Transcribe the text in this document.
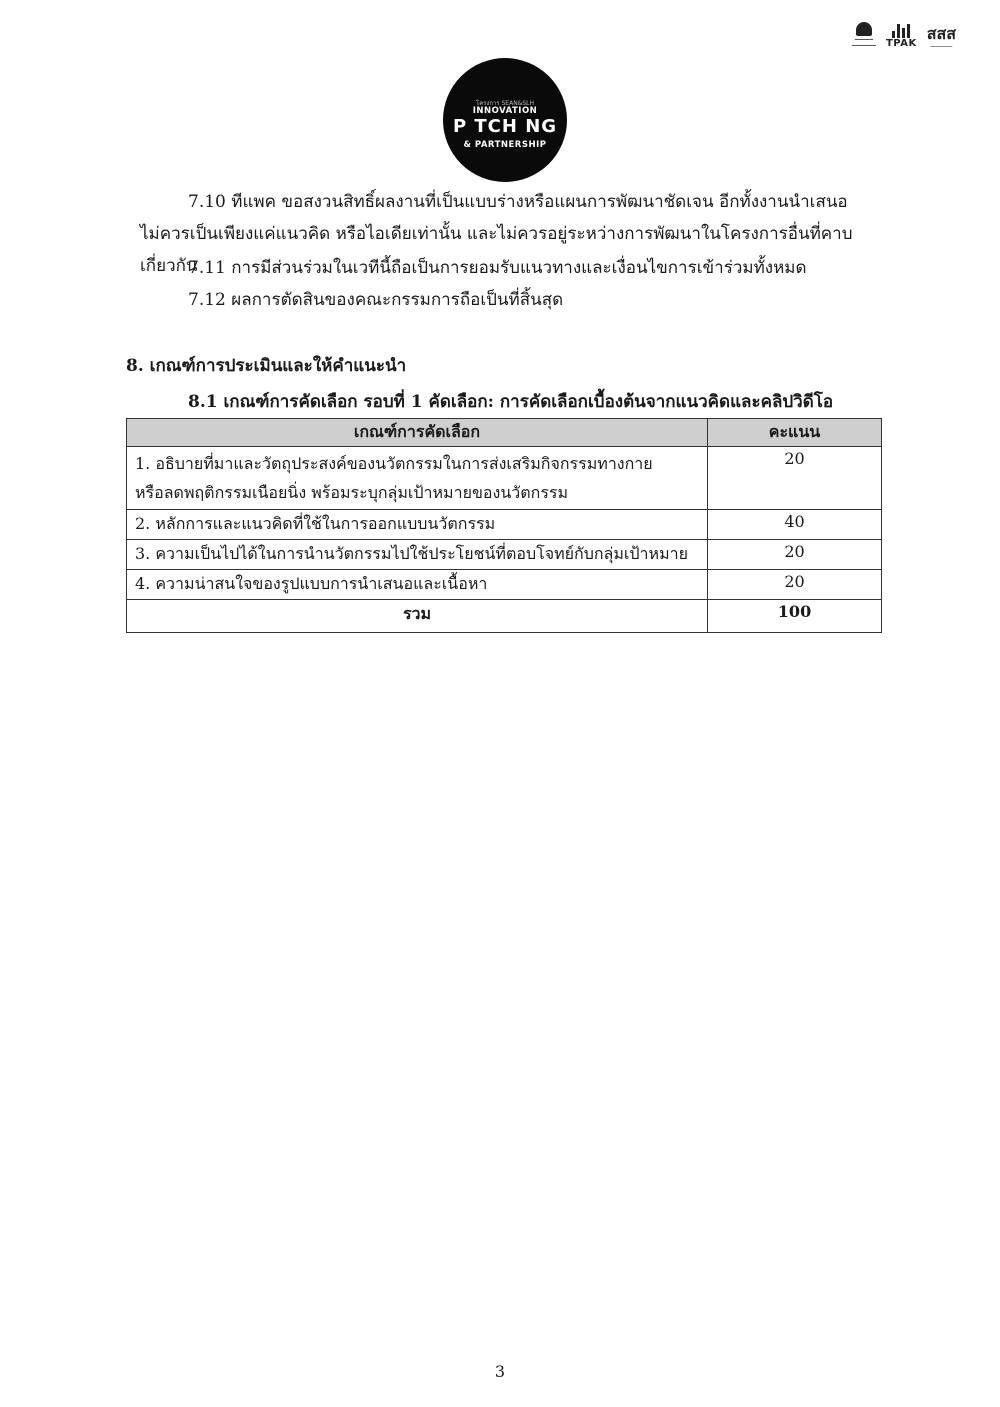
━━━━━━
━━━━━━━━ TPAK
สสส
━━━━━━━━━
โครงการ SEAN&SLH
INNOVATION
P TCH NG
& PARTNERSHIP
7.10 ทีแพค ขอสงวนสิทธิ์ผลงานที่เป็นแบบร่างหรือแผนการพัฒนาชัดเจน อีกทั้งงานนำเสนอ
ไม่ควรเป็นเพียงแค่แนวคิด หรือไอเดียเท่านั้น และไม่ควรอยู่ระหว่างการพัฒนาในโครงการอื่นที่คาบเกี่ยวกัน
7.11 การมีส่วนร่วมในเวทีนี้ถือเป็นการยอมรับแนวทางและเงื่อนไขการเข้าร่วมทั้งหมด
7.12 ผลการตัดสินของคณะกรรมการถือเป็นที่สิ้นสุด
8. เกณฑ์การประเมินและให้คำแนะนำ
8.1 เกณฑ์การคัดเลือก รอบที่ 1 คัดเลือก: การคัดเลือกเบื้องต้นจากแนวคิดและคลิปวิดีโอ
เกณฑ์การคัดเลือก	คะแนน

1. อธิบายที่มาและวัตถุประสงค์ของนวัตกรรมในการส่งเสริมกิจกรรมทางกาย
หรือลดพฤติกรรมเนือยนิ่ง พร้อมระบุกลุ่มเป้าหมายของนวัตกรรม	20
2. หลักการและแนวคิดที่ใช้ในการออกแบบนวัตกรรม	40
3. ความเป็นไปได้ในการนำนวัตกรรมไปใช้ประโยชน์ที่ตอบโจทย์กับกลุ่มเป้าหมาย	20
4. ความน่าสนใจของรูปแบบการนำเสนอและเนื้อหา	20
รวม	100
3
